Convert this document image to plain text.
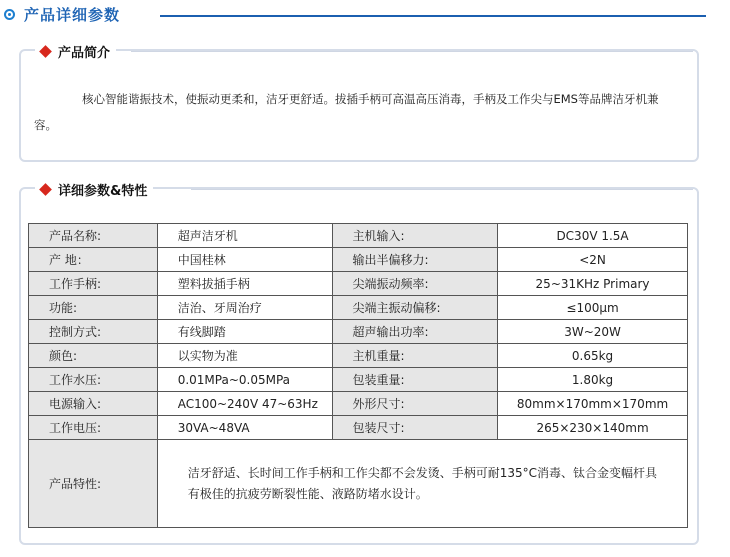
产品详细参数
产品简介

核心智能谐振技术，使振动更柔和，洁牙更舒适。拔插手柄可高温高压消毒，手柄及工作尖与EMS等品牌洁牙机兼容。

详细参数&特性
产品名称:	超声洁牙机	主机输入:	DC30V 1.5A
产 地：	中国桂林	输出半偏移力:	<2N
工作手柄:	塑料拔插手柄	尖端振动频率:	25~31KHz Primary
功能:	洁治、牙周治疗	尖端主振动偏移:	≤100μm
控制方式:	有线脚踏	超声输出功率:	3W~20W
颜色:	以实物为准	主机重量:	0.65kg
工作水压:	0.01MPa~0.05MPa	包装重量:	1.80kg
电源输入:	AC100~240V 47~63Hz	外形尺寸:	80mm×170mm×170mm
工作电压:	30VA~48VA	包装尺寸:	265×230×140mm
产品特性:	洁牙舒适、长时间工作手柄和工作尖都不会发烫、手柄可耐135°C消毒、钛合金变幅杆具有极佳的抗疲劳断裂性能、液路防堵水设计。		
